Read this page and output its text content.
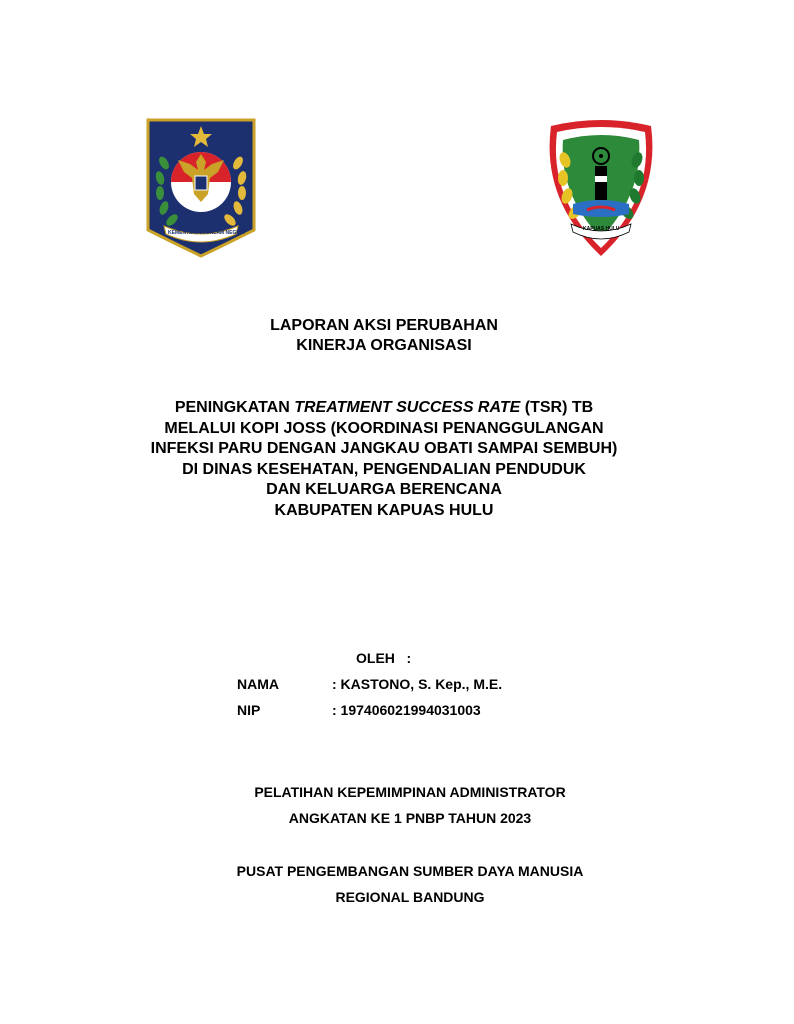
KEMENTERIAN DALAM NEGERI
KAPUAS HULU
LAPORAN AKSI PERUBAHAN
KINERJA ORGANISASI
PENINGKATAN TREATMENT SUCCESS RATE (TSR) TB
MELALUI KOPI JOSS (KOORDINASI PENANGGULANGAN
INFEKSI PARU DENGAN JANGKAU OBATI SAMPAI SEMBUH)
DI DINAS KESEHATAN, PENGENDALIAN PENDUDUK
DAN KELUARGA BERENCANA
KABUPATEN KAPUAS HULU
OLEH   :
NAMA	: KASTONO, S. Kep., M.E.
NIP	: 197406021994031003
PELATIHAN KEPEMIMPINAN ADMINISTRATOR
ANGKATAN KE 1 PNBP TAHUN 2023
PUSAT PENGEMBANGAN SUMBER DAYA MANUSIA
REGIONAL BANDUNG
